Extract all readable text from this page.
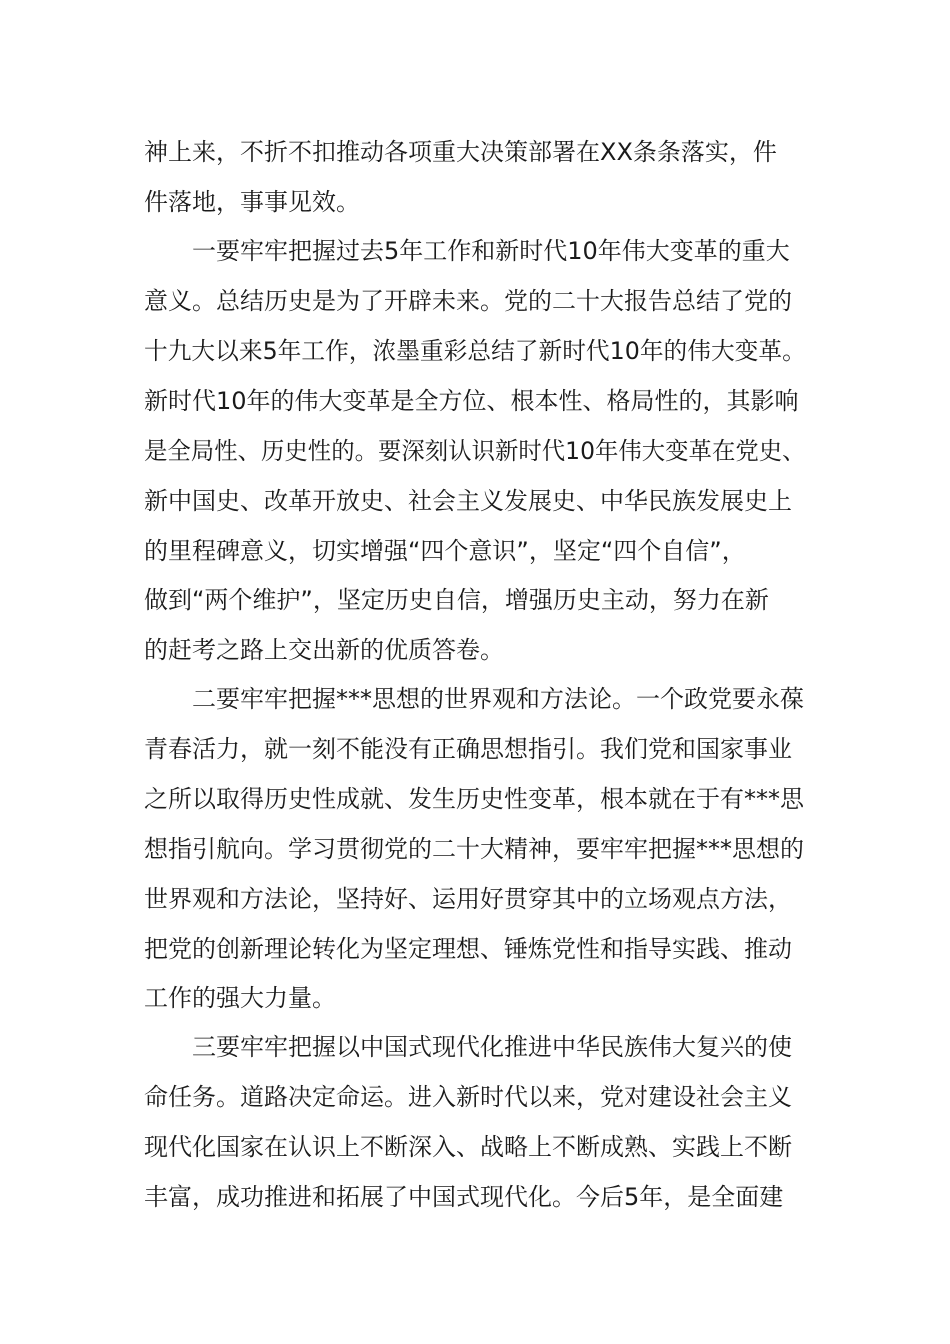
神上来，不折不扣推动各项重大决策部署在XX条条落实，件
件落地，事事见效。
一要牢牢把握过去5年工作和新时代10年伟大变革的重大
意义。总结历史是为了开辟未来。党的二十大报告总结了党的
十九大以来5年工作，浓墨重彩总结了新时代10年的伟大变革。
新时代10年的伟大变革是全方位、根本性、格局性的，其影响
是全局性、历史性的。要深刻认识新时代10年伟大变革在党史、
新中国史、改革开放史、社会主义发展史、中华民族发展史上
的里程碑意义，切实增强“四个意识”，坚定“四个自信”，
做到“两个维护”，坚定历史自信，增强历史主动，努力在新
的赶考之路上交出新的优质答卷。
二要牢牢把握***思想的世界观和方法论。一个政党要永葆
青春活力，就一刻不能没有正确思想指引。我们党和国家事业
之所以取得历史性成就、发生历史性变革，根本就在于有***思
想指引航向。学习贯彻党的二十大精神，要牢牢把握***思想的
世界观和方法论，坚持好、运用好贯穿其中的立场观点方法，
把党的创新理论转化为坚定理想、锤炼党性和指导实践、推动
工作的强大力量。
三要牢牢把握以中国式现代化推进中华民族伟大复兴的使
命任务。道路决定命运。进入新时代以来，党对建设社会主义
现代化国家在认识上不断深入、战略上不断成熟、实践上不断
丰富，成功推进和拓展了中国式现代化。今后5年，是全面建
